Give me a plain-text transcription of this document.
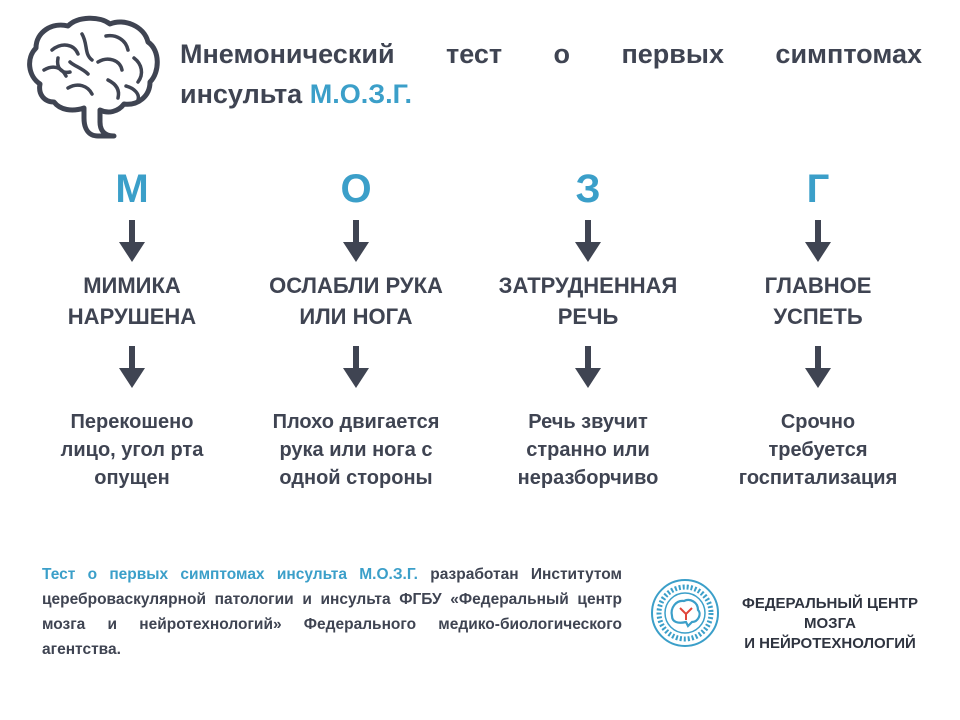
Мнемонический тест о первых симптомах
инсульта М.О.З.Г.
М
МИМИКА
НАРУШЕНА
Перекошено
лицо, угол рта
опущен
О
ОСЛАБЛИ РУКА
ИЛИ НОГА
Плохо двигается
рука или нога с
одной стороны
З
ЗАТРУДНЕННАЯ
РЕЧЬ
Речь звучит
странно или
неразборчиво
Г
ГЛАВНОЕ
УСПЕТЬ
Срочно
требуется
госпитализация
Тест о первых симптомах инсульта М.О.З.Г. разработан Институтом цереброваскулярной патологии и инсульта ФГБУ «Федеральный центр мозга и нейротехнологий» Федерального медико-биологического агентства.
ФЕДЕРАЛЬНЫЙ ЦЕНТР
МОЗГА
И НЕЙРОТЕХНОЛОГИЙ
